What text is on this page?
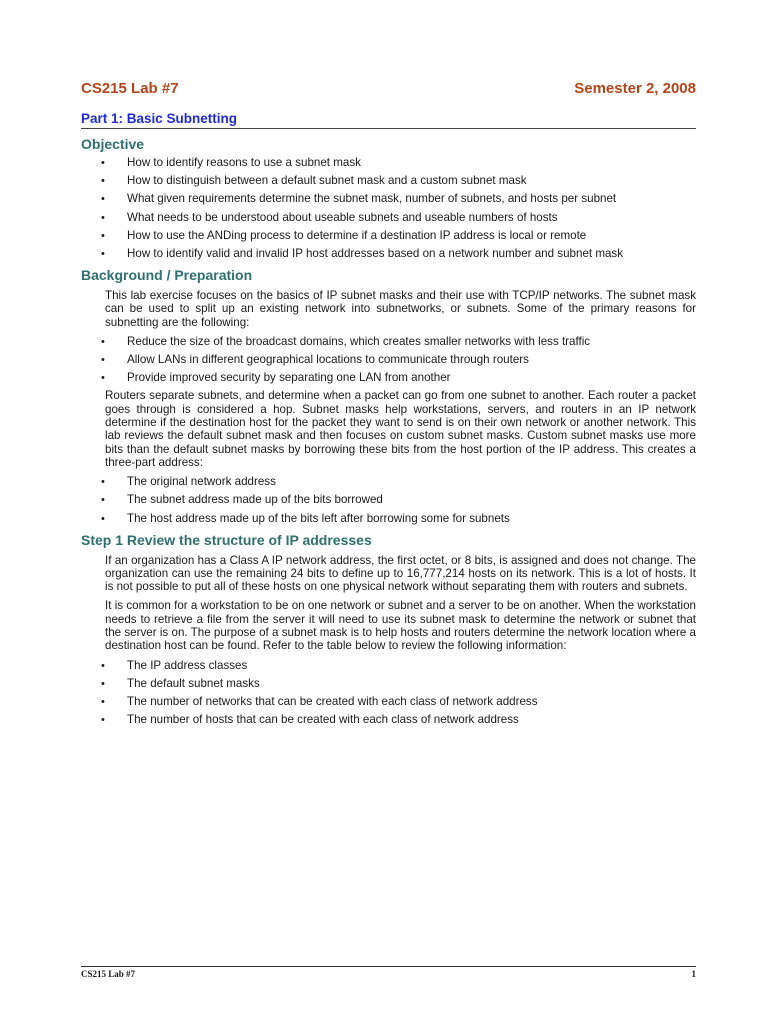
CS215 Lab #7	Semester 2, 2008
Part 1: Basic Subnetting
Objective
• How to identify reasons to use a subnet mask
• How to distinguish between a default subnet mask and a custom subnet mask
• What given requirements determine the subnet mask, number of subnets, and hosts per subnet
• What needs to be understood about useable subnets and useable numbers of hosts
• How to use the ANDing process to determine if a destination IP address is local or remote
• How to identify valid and invalid IP host addresses based on a network number and subnet mask
Background / Preparation

This lab exercise focuses on the basics of IP subnet masks and their use with TCP/IP networks. The subnet mask can be used to split up an existing network into subnetworks, or subnets. Some of the primary reasons for subnetting are the following:

• Reduce the size of the broadcast domains, which creates smaller networks with less traffic
• Allow LANs in different geographical locations to communicate through routers
• Provide improved security by separating one LAN from another

Routers separate subnets, and determine when a packet can go from one subnet to another. Each router a packet goes through is considered a hop. Subnet masks help workstations, servers, and routers in an IP network determine if the destination host for the packet they want to send is on their own network or another network. This lab reviews the default subnet mask and then focuses on custom subnet masks. Custom subnet masks use more bits than the default subnet masks by borrowing these bits from the host portion of the IP address. This creates a three-part address:

• The original network address
• The subnet address made up of the bits borrowed
• The host address made up of the bits left after borrowing some for subnets
Step 1 Review the structure of IP addresses

If an organization has a Class A IP network address, the first octet, or 8 bits, is assigned and does not change. The organization can use the remaining 24 bits to define up to 16,777,214 hosts on its network. This is a lot of hosts. It is not possible to put all of these hosts on one physical network without separating them with routers and subnets.

It is common for a workstation to be on one network or subnet and a server to be on another. When the workstation needs to retrieve a file from the server it will need to use its subnet mask to determine the network or subnet that the server is on. The purpose of a subnet mask is to help hosts and routers determine the network location where a destination host can be found. Refer to the table below to review the following information:

• The IP address classes
• The default subnet masks
• The number of networks that can be created with each class of network address
• The number of hosts that can be created with each class of network address
CS215 Lab #7	1
